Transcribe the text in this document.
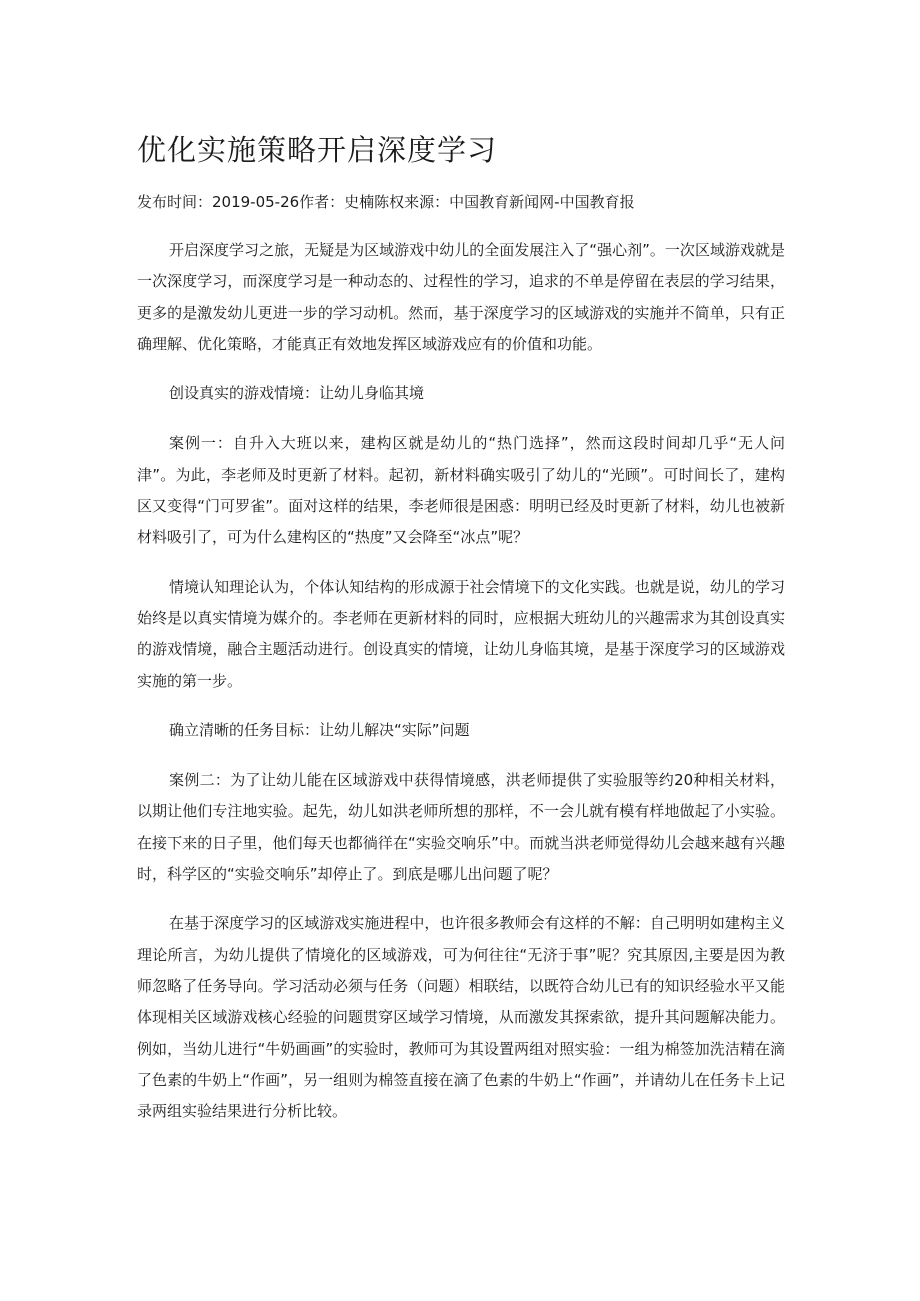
优化实施策略开启深度学习
发布时间：2019-05-26作者：史楠陈权来源：中国教育新闻网-中国教育报

开启深度学习之旅，无疑是为区域游戏中幼儿的全面发展注入了“强心剂”。一次区域游戏就是一次深度学习，而深度学习是一种动态的、过程性的学习，追求的不单是停留在表层的学习结果，更多的是激发幼儿更进一步的学习动机。然而，基于深度学习的区域游戏的实施并不简单，只有正确理解、优化策略，才能真正有效地发挥区域游戏应有的价值和功能。

创设真实的游戏情境：让幼儿身临其境

案例一：自升入大班以来，建构区就是幼儿的“热门选择”，然而这段时间却几乎“无人问津”。为此，李老师及时更新了材料。起初，新材料确实吸引了幼儿的“光顾”。可时间长了，建构区又变得“门可罗雀”。面对这样的结果，李老师很是困惑：明明已经及时更新了材料，幼儿也被新材料吸引了，可为什么建构区的“热度”又会降至“冰点”呢？

情境认知理论认为，个体认知结构的形成源于社会情境下的文化实践。也就是说，幼儿的学习始终是以真实情境为媒介的。李老师在更新材料的同时，应根据大班幼儿的兴趣需求为其创设真实的游戏情境，融合主题活动进行。创设真实的情境，让幼儿身临其境，是基于深度学习的区域游戏实施的第一步。

确立清晰的任务目标：让幼儿解决“实际”问题

案例二：为了让幼儿能在区域游戏中获得情境感，洪老师提供了实验服等约20种相关材料，以期让他们专注地实验。起先，幼儿如洪老师所想的那样，不一会儿就有模有样地做起了小实验。在接下来的日子里，他们每天也都徜徉在“实验交响乐”中。而就当洪老师觉得幼儿会越来越有兴趣时，科学区的“实验交响乐”却停止了。到底是哪儿出问题了呢？

在基于深度学习的区域游戏实施进程中，也许很多教师会有这样的不解：自己明明如建构主义理论所言，为幼儿提供了情境化的区域游戏，可为何往往“无济于事”呢？究其原因,主要是因为教师忽略了任务导向。学习活动必须与任务（问题）相联结，以既符合幼儿已有的知识经验水平又能体现相关区域游戏核心经验的问题贯穿区域学习情境，从而激发其探索欲，提升其问题解决能力。例如，当幼儿进行“牛奶画画”的实验时，教师可为其设置两组对照实验：一组为棉签加洗洁精在滴了色素的牛奶上“作画”，另一组则为棉签直接在滴了色素的牛奶上“作画”，并请幼儿在任务卡上记录两组实验结果进行分析比较。
